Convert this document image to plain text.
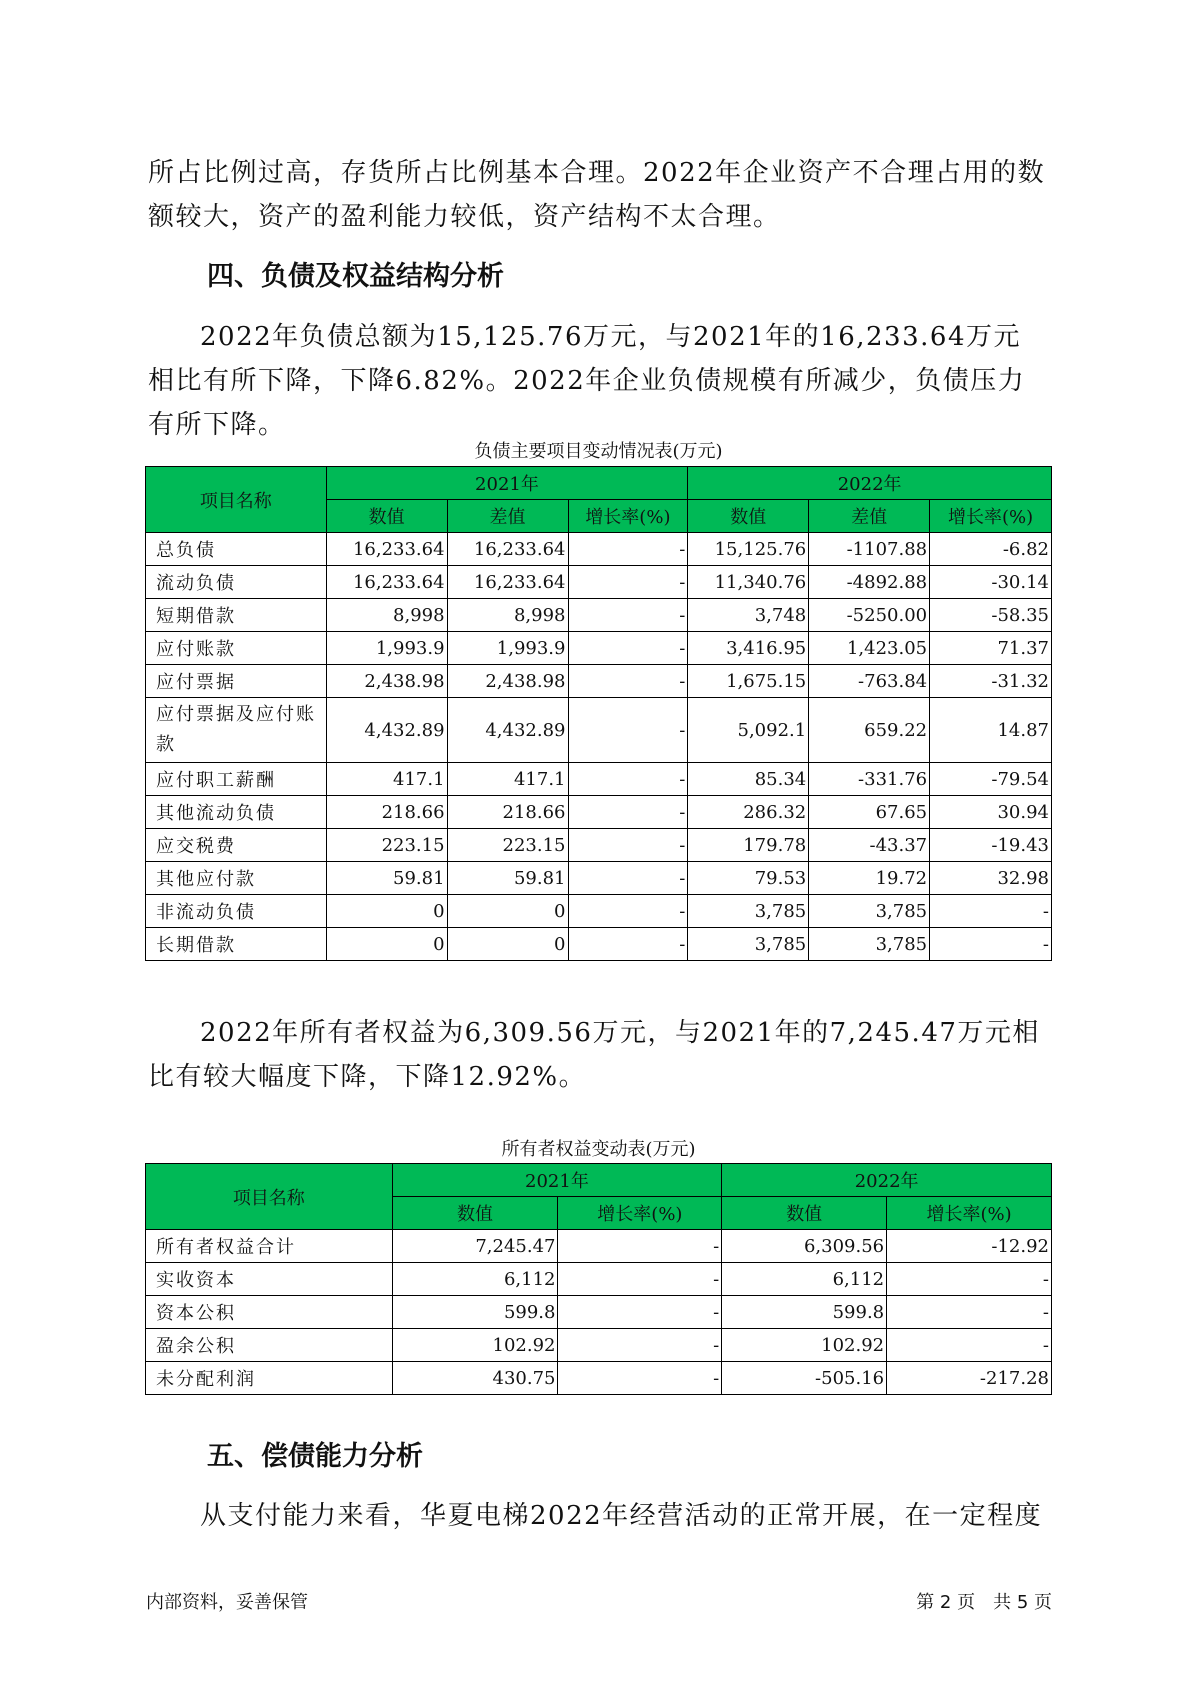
所占比例过高，存货所占比例基本合理。2022年企业资产不合理占用的数
额较大，资产的盈利能力较低，资产结构不太合理。
四、负债及权益结构分析
2022年负债总额为15,125.76万元，与2021年的16,233.64万元相比有所下降，下降6.82%。2022年企业负债规模有所减少，负债压力有所下降。
负债主要项目变动情况表(万元)
项目名称	2021年			2022年		
	数值	差值	增长率(%)	数值	差值	增长率(%)
总负债	16,233.64	16,233.64	-	15,125.76	-1107.88	-6.82
流动负债	16,233.64	16,233.64	-	11,340.76	-4892.88	-30.14
短期借款	8,998	8,998	-	3,748	-5250.00	-58.35
应付账款	1,993.9	1,993.9	-	3,416.95	1,423.05	71.37
应付票据	2,438.98	2,438.98	-	1,675.15	-763.84	-31.32
应付票据及应付账款	4,432.89	4,432.89	-	5,092.1	659.22	14.87
应付职工薪酬	417.1	417.1	-	85.34	-331.76	-79.54
其他流动负债	218.66	218.66	-	286.32	67.65	30.94
应交税费	223.15	223.15	-	179.78	-43.37	-19.43
其他应付款	59.81	59.81	-	79.53	19.72	32.98
非流动负债	0	0	-	3,785	3,785	-
长期借款	0	0	-	3,785	3,785	-
2022年所有者权益为6,309.56万元，与2021年的7,245.47万元相比有较大幅度下降，下降12.92%。
所有者权益变动表(万元)
项目名称	2021年		2022年	
	数值	增长率(%)	数值	增长率(%)
所有者权益合计	7,245.47	-	6,309.56	-12.92
实收资本	6,112	-	6,112	-
资本公积	599.8	-	599.8	-
盈余公积	102.92	-	102.92	-
未分配利润	430.75	-	-505.16	-217.28
五、偿债能力分析
从支付能力来看，华夏电梯2022年经营活动的正常开展，在一定程度
内部资料，妥善保管	第 2 页　共 5 页
